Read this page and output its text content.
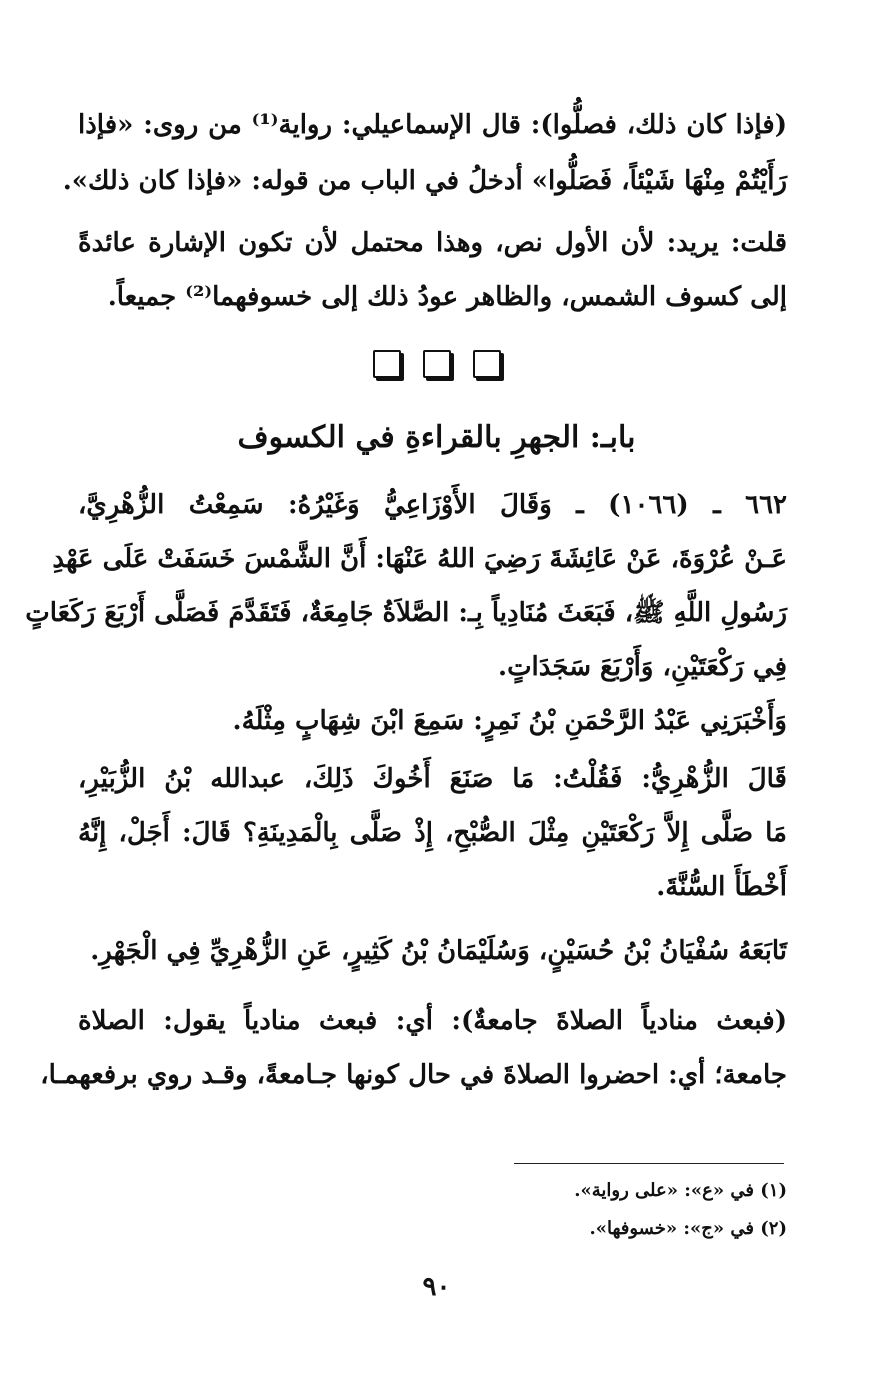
(فإذا كان ذلك، فصلُّوا): قال الإسماعيلي: رواية⁽¹⁾ من روى: «فإذا
رَأَيْتُمْ مِنْهَا شَيْئاً، فَصَلُّوا» أدخلُ في الباب من قوله: «فإذا كان ذلك».
قلت: يريد: لأن الأول نص، وهذا محتمل لأن تكون الإشارة عائدةً
إلى كسوف الشمس، والظاهر عودُ ذلك إلى خسوفهما⁽²⁾ جميعاً.
بابـ: الجهرِ بالقراءةِ في الكسوف
٦٦٢ ـ (١٠٦٦) ـ وَقَالَ الأَوْزَاعِيُّ وَغَيْرُهُ: سَمِعْتُ الزُّهْرِيَّ،
عَـنْ عُرْوَةَ، عَنْ عَائِشَةَ رَضِيَ اللهُ عَنْهَا: أَنَّ الشَّمْسَ خَسَفَتْ عَلَى عَهْدِ
رَسُولِ اللَّهِ ﷺ، فَبَعَثَ مُنَادِياً بِـ: الصَّلاَةُ جَامِعَةٌ، فَتَقَدَّمَ فَصَلَّى أَرْبَعَ رَكَعَاتٍ
فِي رَكْعَتَيْنِ، وَأَرْبَعَ سَجَدَاتٍ.
وَأَخْبَرَنِي عَبْدُ الرَّحْمَنِ بْنُ نَمِرٍ: سَمِعَ ابْنَ شِهَابٍ مِثْلَهُ.
قَالَ الزُّهْرِيُّ: فَقُلْتُ: مَا صَنَعَ أَخُوكَ ذَلِكَ، عبدالله بْنُ الزُّبَيْرِ،
مَا صَلَّى إِلاَّ رَكْعَتَيْنِ مِثْلَ الصُّبْحِ، إِذْ صَلَّى بِالْمَدِينَةِ؟ قَالَ: أَجَلْ، إِنَّهُ
أَخْطَأَ السُّنَّةَ.
تَابَعَهُ سُفْيَانُ بْنُ حُسَيْنٍ، وَسُلَيْمَانُ بْنُ كَثِيرٍ، عَنِ الزُّهْرِيِّ فِي الْجَهْرِ.
(فبعث منادياً الصلاةَ جامعةٌ): أي: فبعث منادياً يقول: الصلاة
جامعة؛ أي: احضروا الصلاةَ في حال كونها جـامعةً، وقـد روي برفعهمـا،
(١) في «ع»: «على رواية».
(٢) في «ج»: «خسوفها».
٩٠
